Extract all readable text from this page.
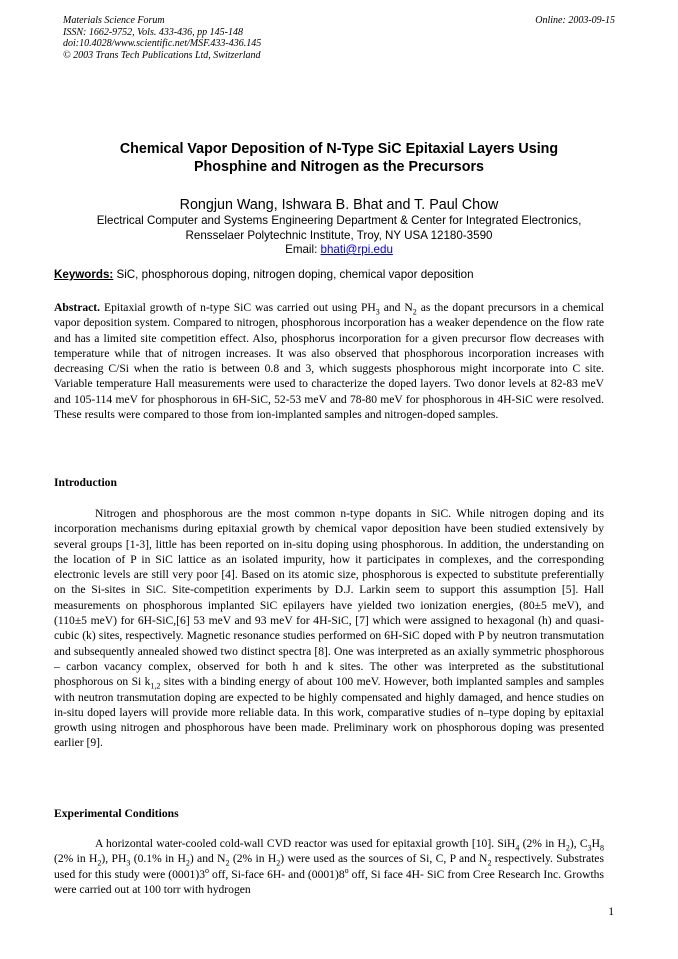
Materials Science Forum
ISSN: 1662-9752, Vols. 433-436, pp 145-148
doi:10.4028/www.scientific.net/MSF.433-436.145
© 2003 Trans Tech Publications Ltd, Switzerland
Online: 2003-09-15
Chemical Vapor Deposition of N-Type SiC Epitaxial Layers Using
Phosphine and Nitrogen as the Precursors
Rongjun Wang, Ishwara B. Bhat and T. Paul Chow
Electrical Computer and Systems Engineering Department & Center for Integrated Electronics,
Rensselaer Polytechnic Institute, Troy, NY USA 12180-3590
Email: bhati@rpi.edu
Keywords: SiC, phosphorous doping, nitrogen doping, chemical vapor deposition
Abstract. Epitaxial growth of n-type SiC was carried out using $PH_3$ and $N_2$ as the dopant precursors in a chemical vapor deposition system. Compared to nitrogen, phosphorous incorporation has a weaker dependence on the flow rate and has a limited site competition effect. Also, phosphorus incorporation for a given precursor flow decreases with temperature while that of nitrogen increases. It was also observed that phosphorous incorporation increases with decreasing C/Si when the ratio is between 0.8 and 3, which suggests phosphorous might incorporate into C site. Variable temperature Hall measurements were used to characterize the doped layers. Two donor levels at 82-83 meV and 105-114 meV for phosphorous in 6H-SiC, 52-53 meV and 78-80 meV for phosphorous in 4H-SiC were resolved. These results were compared to those from ion-implanted samples and nitrogen-doped samples.
Introduction
Nitrogen and phosphorous are the most common n-type dopants in SiC. While nitrogen doping and its incorporation mechanisms during epitaxial growth by chemical vapor deposition have been studied extensively by several groups [1-3], little has been reported on in-situ doping using phosphorous. In addition, the understanding on the location of P in SiC lattice as an isolated impurity, how it participates in complexes, and the corresponding electronic levels are still very poor [4]. Based on its atomic size, phosphorous is expected to substitute preferentially on the Si-sites in SiC. Site-competition experiments by D.J. Larkin seem to support this assumption [5]. Hall measurements on phosphorous implanted SiC epilayers have yielded two ionization energies, (80±5 meV), and (110±5 meV) for 6H-SiC,[6] 53 meV and 93 meV for 4H-SiC, [7] which were assigned to hexagonal (h) and quasi-cubic (k) sites, respectively. Magnetic resonance studies performed on 6H-SiC doped with P by neutron transmutation and subsequently annealed showed two distinct spectra [8]. One was interpreted as an axially symmetric phosphorous – carbon vacancy complex, observed for both h and k sites. The other was interpreted as the substitutional phosphorous on Si $k_{1,2}$ sites with a binding energy of about 100 meV. However, both implanted samples and samples with neutron transmutation doping are expected to be highly compensated and highly damaged, and hence studies on in-situ doped layers will provide more reliable data. In this work, comparative studies of n–type doping by epitaxial growth using nitrogen and phosphorous have been made. Preliminary work on phosphorous doping was presented earlier [9].
Experimental Conditions
A horizontal water-cooled cold-wall CVD reactor was used for epitaxial growth [10]. SiH$_4$ (2% in $H_2$), $C_3H_8$ (2% in $H_2$), $PH_3$ (0.1% in $H_2$) and $N_2$ (2% in $H_2$) were used as the sources of Si, C, P and $N_2$ respectively. Substrates used for this study were (0001)3$^o$ off, Si-face 6H- and (0001)8$^o$ off, Si face 4H- SiC from Cree Research Inc. Growths were carried out at 100 torr with hydrogen
1
